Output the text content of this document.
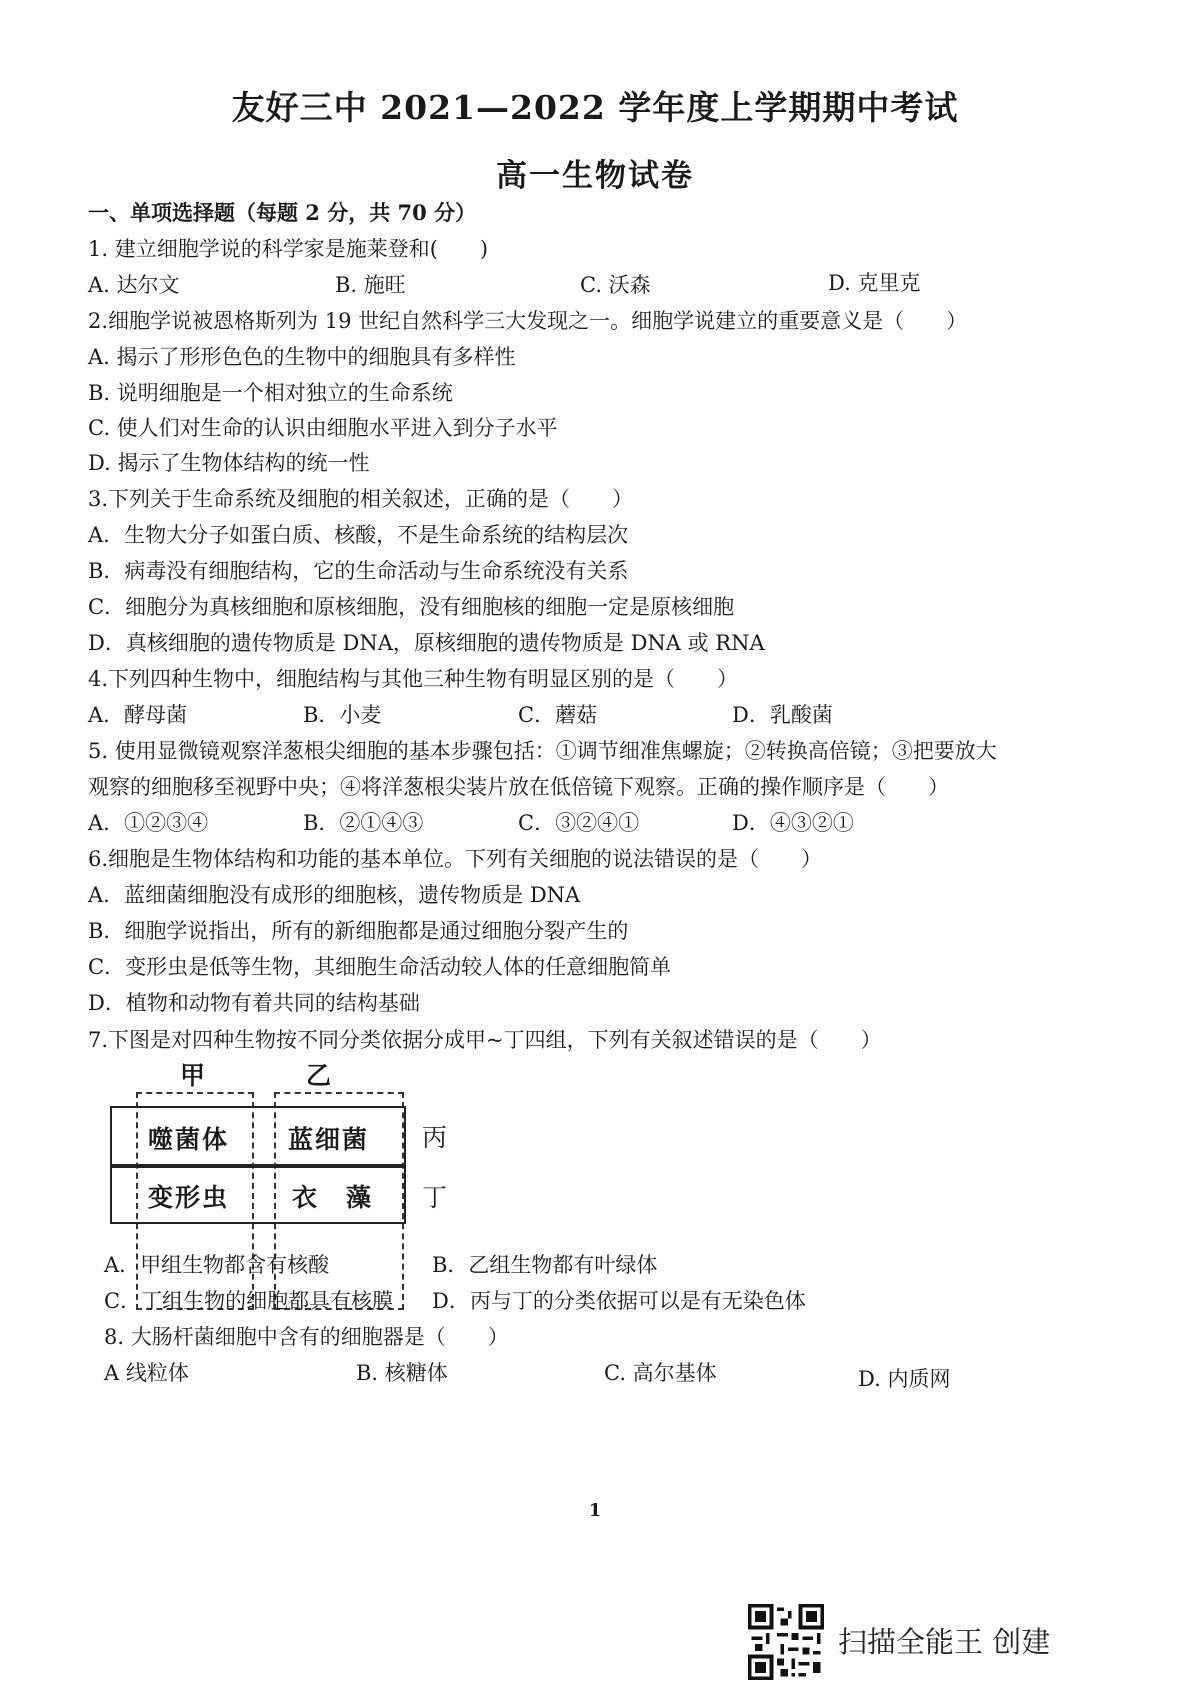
友好三中 2021—2022 学年度上学期期中考试
高一生物试卷
一、单项选择题（每题 2 分，共 70 分）
1. 建立细胞学说的科学家是施莱登和(　　)
A. 达尔文	B. 施旺	C. 沃森	D. 克里克
2.细胞学说被恩格斯列为 19 世纪自然科学三大发现之一。细胞学说建立的重要意义是（　　）
A. 揭示了形形色色的生物中的细胞具有多样性
B. 说明细胞是一个相对独立的生命系统
C. 使人们对生命的认识由细胞水平进入到分子水平
D. 揭示了生物体结构的统一性
3.下列关于生命系统及细胞的相关叙述，正确的是（　　）
A．生物大分子如蛋白质、核酸，不是生命系统的结构层次
B．病毒没有细胞结构，它的生命活动与生命系统没有关系
C．细胞分为真核细胞和原核细胞，没有细胞核的细胞一定是原核细胞
D．真核细胞的遗传物质是 DNA，原核细胞的遗传物质是 DNA 或 RNA
4.下列四种生物中，细胞结构与其他三种生物有明显区别的是（　　）
A．酵母菌	B．小麦	C．蘑菇	D．乳酸菌
5. 使用显微镜观察洋葱根尖细胞的基本步骤包括：①调节细准焦螺旋；②转换高倍镜；③把要放大
观察的细胞移至视野中央；④将洋葱根尖装片放在低倍镜下观察。正确的操作顺序是（　　）
A．①②③④	B．②①④③	C．③②④①	D．④③②①
6.细胞是生物体结构和功能的基本单位。下列有关细胞的说法错误的是（　　）
A．蓝细菌细胞没有成形的细胞核，遗传物质是 DNA
B．细胞学说指出，所有的新细胞都是通过细胞分裂产生的
C．变形虫是低等生物，其细胞生命活动较人体的任意细胞简单
D．植物和动物有着共同的结构基础
7.下图是对四种生物按不同分类依据分成甲~丁四组，下列有关叙述错误的是（　　）
甲	乙
噬菌体 蓝细菌
变形虫	衣　藻
丙
丁
A．甲组生物都含有核酸	B．乙组生物都有叶绿体
C．丁组生物的细胞都具有核膜 D．丙与丁的分类依据可以是有无染色体
8. 大肠杆菌细胞中含有的细胞器是（　　）
A 线粒体	B. 核糖体	C. 高尔基体	D. 内质网
1
扫描全能王 创建
